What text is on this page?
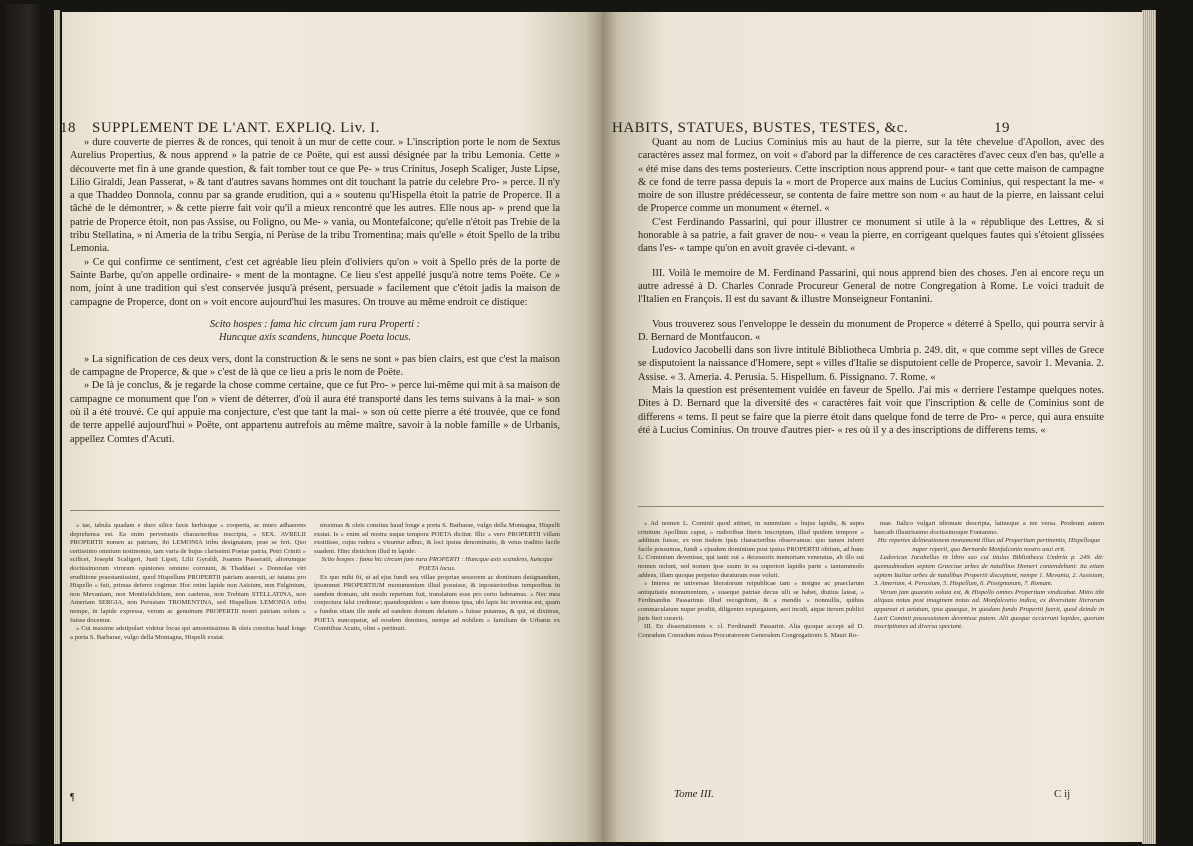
18 SUPPLEMENT DE L'ANT. EXPLIQ. Liv. I.

» dure couverte de pierres & de ronces, qui tenoit à un mur de cette cour. » L'inscription porte le nom de Sextus Aurelius Propertius, & nous apprend » la patrie de ce Poëte, qui est aussi désignée par la tribu Lemonia. Cette » découverte met fin à une grande question, & fait tomber tout ce que Pe- » trus Crinitus, Joseph Scaliger, Juste Lipse, Lilio Giraldi, Jean Passerat, » & tant d'autres savans hommes ont dit touchant la patrie du celebre Pro- » perce. Il n'y a que Thaddeo Donnola, connu par sa grande erudition, qui a » soutenu qu'Hispella étoit la patrie de Properce. Il a tâché de le démontrer, » & cette pierre fait voir qu'il a mieux rencontré que les autres. Elle nous ap- » prend que la patrie de Properce étoit, non pas Assise, ou Foligno, ou Me- » vania, ou Montefalcone; qu'elle n'étoit pas Trebie de la tribu Stellatina, » ni Ameria de la tribu Sergia, ni Perùse de la tribu Tromentina; mais qu'elle » étoit Spello de la tribu Lemonia.

» Ce qui confirme ce sentiment, c'est cet agréable lieu plein d'oliviers qu'on » voit à Spello près de la porte de Sainte Barbe, qu'on appelle ordinaire- » ment de la montagne. Ce lieu s'est appellé jusqu'à notre tems Poëte. Ce » nom, joint à une tradition qui s'est conservée jusqu'à présent, persuade » facilement que c'étoit jadis la maison de campagne de Properce, dont on » voit encore aujourd'hui les masures. On trouve au même endroit ce distique:

Scito hospes : fama hic circum jam rura Properti :
Huncque axis scandens, huncque Poeta locus.

» La signification de ces deux vers, dont la construction & le sens ne sont » pas bien clairs, est que c'est la maison de campagne de Properce, & que » c'est de là que ce lieu a pris le nom de Poëte.

» De là je conclus, & je regarde la chose comme certaine, que ce fut Pro- » perce lui-même qui mit à sa maison de campagne ce monument que l'on » vient de déterrer, d'où il aura été transporté dans les tems suivans à la mai- » son où il a été trouvé. Ce qui appuie ma conjecture, c'est que tant la mai- » son où cette pierre a été trouvée, que ce fond de terre appellé aujourd'hui » Poëte, ont appartenu autrefois au même maître, savoir à la noble famille » de Urbanis, appellez Comtes d'Acuti.

» tae, tabula quadam e duro silice faxis herbisque » cooperta, ac muro adhaerens deprehensa est. Ea enim pervetustis characteribus inscripta, » SEX. AVRELII PROPERTII nomen ac patriam, ibi LEMONIA tribu designatam, prae se fert. Quo certissimo omnium testimonio, tam varia de hujus clarissimi Poetae patria, Petri Criniti » scilicet, Josephi Scaligeri, Justi Lipsii, Lilii Gyraldi, Joannis Passeratii, aliorumque doctissimorum virorum opiniones omnino corruunt, & Thaddaei » Donnolae viri eruditione praestantissimi, quod Hispellum PROPERTII patriam asseruit, ac tutatus pro Hispello » fuit, primas deferre cogimur. Hoc enim lapide non Asisium, non Fulginium, non Mevaniam, non Montisfalchium, non caeteras, non Trebiam STELLATINA, non Ameriam SERGIA, non Perusiam TROMENTINA, sed Hispellum LEMONIA tribu nempe, in lapide expressa, verum ac genuinum PROPERTII nostri patriam solum » fuisse docemur.

» Cui maxime adstipulari videtur locus qui amoenissimus & oleis consitus haud longe a porta S. Barbarae, vulgo della Montagna, Hispelli exstat.

nissimus & oleis consitus haud longe a porta S. Barbarae, vulgo della Montagna, Hispelli exstat. Is » enim ad nostra usque tempora POETA dicitur. Illic » vero PROPERTII villam exstitisse, cujus rudera » visuntur adhuc, & loci ipsius denominatio, & vetus traditio facile suadent. Hinc distichon illud in lapide:

Scito hospes : fama hic circum jam rura PROPERTI : Huncque axis scandens, huncque POETA locus.

Ex quo mihi fit, ut ad ejus fundi seu villae propriae sessorem ac dominum designandum, ipsummet PROPERTIUM monumentum illud posuisse, & inposterioribus temporibus in eandem domum, ubi modo repertum fuit, translatum esse pro certo habeamus. » Nec mea conjectura falsi credimur; quandoquidem » tam domus ipsa, ubi lapis hic inventus est, quam » fundus etiam ille unde ad eandem domum delatum » fuisse putamus, & qui, ut diximus, POETA nuncupatur, ad eosdem dominos, nempe ad nobilem » familiam de Urbanis ex Comitibus Acutis, olim » pertinuit.

¶
HABITS, STATUES, BUSTES, TESTES, &c.	19

Quant au nom de Lucius Cominius mis au haut de la pierre, sur la tête chevelue d'Apollon, avec des caractères assez mal formez, on voit « d'abord par la difference de ces caractères d'avec ceux d'en bas, qu'elle a « été mise dans des tems posterieurs. Cette inscription nous apprend pour- « tant que cette maison de campagne & ce fond de terre passa depuis la « mort de Properce aux mains de Lucius Cominius, qui respectant la me- « moire de son illustre prédécesseur, se contenta de faire mettre son nom « au haut de la pierre, en laissant celui de Properce comme un monument « éternel. «

C'est Ferdinando Passarini, qui pour illustrer ce monument si utile à la « république des Lettres, & si honorable à sa patrie, a fait graver de nou- « veau la pierre, en corrigeant quelques fautes qui s'étoient glissées dans l'es- « tampe qu'on en avoit gravée ci-devant. «

III. Voilà le memoire de M. Ferdinand Passarini, qui nous apprend bien des choses. J'en ai encore reçu un autre adressé à D. Charles Conrade Procureur General de notre Congregation à Rome. Le voici traduit de l'Italien en François. Il est du savant & illustre Monseigneur Fontanini.

Vous trouverez sous l'enveloppe le dessein du monument de Properce « déterré à Spello, qui pourra servir à D. Bernard de Montfaucon. «

Ludovico Jacobelli dans son livre intitulé Bibliotheca Umbria p. 249. dit, « que comme sept villes de Grece se disputoient la naissance d'Homere, sept « villes d'Italie se disputoient celle de Properce, savoir 1. Mevania. 2. Assise. « 3. Ameria. 4. Perusia. 5. Hispellum. 6. Pissignano. 7. Rome. «

Mais la question est présentement vuidée en faveur de Spello. J'ai mis « derriere l'estampe quelques notes. Dites à D. Bernard que la diversité des « caractères fait voir que l'inscription & celle de Cominius sont de differens « tems. Il peut se faire que la pierre étoit dans quelque fond de terre de Pro- « perce, qui aura ensuite été à Lucius Cominius. On trouve d'autres pier- « res où il y a des inscriptions de differens tems. «

» Ad nomen L. Cominii quod attinet, in summitate » hujus lapidis, & supra crinitum Apollinis caput, » rudioribus literis inscriptum, illud quidem tempore » additum fuisse, ex non iisdem ipsis characteribus observamus: quo tamen inferri facile possumus, fundi » ejusdem dominium post ipsius PROPERTII obitum, ad hunc L. Cominium devenisse, qui tanti sui » decessoris memoriam veneratus, ab illo sui nomen nolunt, sed nomen ipse suum in ea superiori lapidis parte » tantummodo addens, illam quoque perpetuo duraturam esse voluit.

» Interea ne universae literatorum reipublicae tam » insigne ac praeclarum antiquitatis monumentum, » suaeque patriae decus ulli se habet, diutius lateat, » Ferdinandus Passarinus illud recognitum, & a mendis » nonnullis, quibus commaculatum nuper prodiit, diligenter expurgatum, aeri incidi, atque iterum publici juris fieri curavit.

III. En dissertationem v. cl. Ferdinandi Passarini. Alia quoque accepi ad D. Conradum Conradum missa Procuratorem Generalem Congregationis S. Mauri Ro-

mae. Italico vulgari idiomate descripta, latineque a me versa. Prodeunt autem haecaib illustrissimo doctissimoque Fontanino.

Hic repertes delineationem monumenti illius ad Propertium pertinentis, Hispelloque nuper reperti, quo Bernardo Monfalconio nostro usui erit.

Ludovicus Jacobellus in libro suo cui titulus Bibliotheca Umbria p. 249. dit: quemadmodum septem Graeciae urbes de natalibus Homeri contendebant: ita etiam septem Italiae urbes de natalibus Propertii disceptant, nempe 1. Mevania, 2. Assisium, 3. Ameriam, 4. Perusium, 5. Hispellum, 6. Pissignanum, 7. Romam.

Verum jam quaestio soluta est, & Hispello omnes Propertium vindicabat. Mitto tibi aliquas notas post imaginem notas ad. Monfalconio indica, ex diversitate literarum appareat et aetatum, ipsa quaeque, in quodam fundo Propertii fuerit, quod deinde in Lucii Cominii possessionem devenisse putem. Alii quoque occurrunt lapides, quorum inscriptiones ad diversa spectant.

Tome III.	C ij
